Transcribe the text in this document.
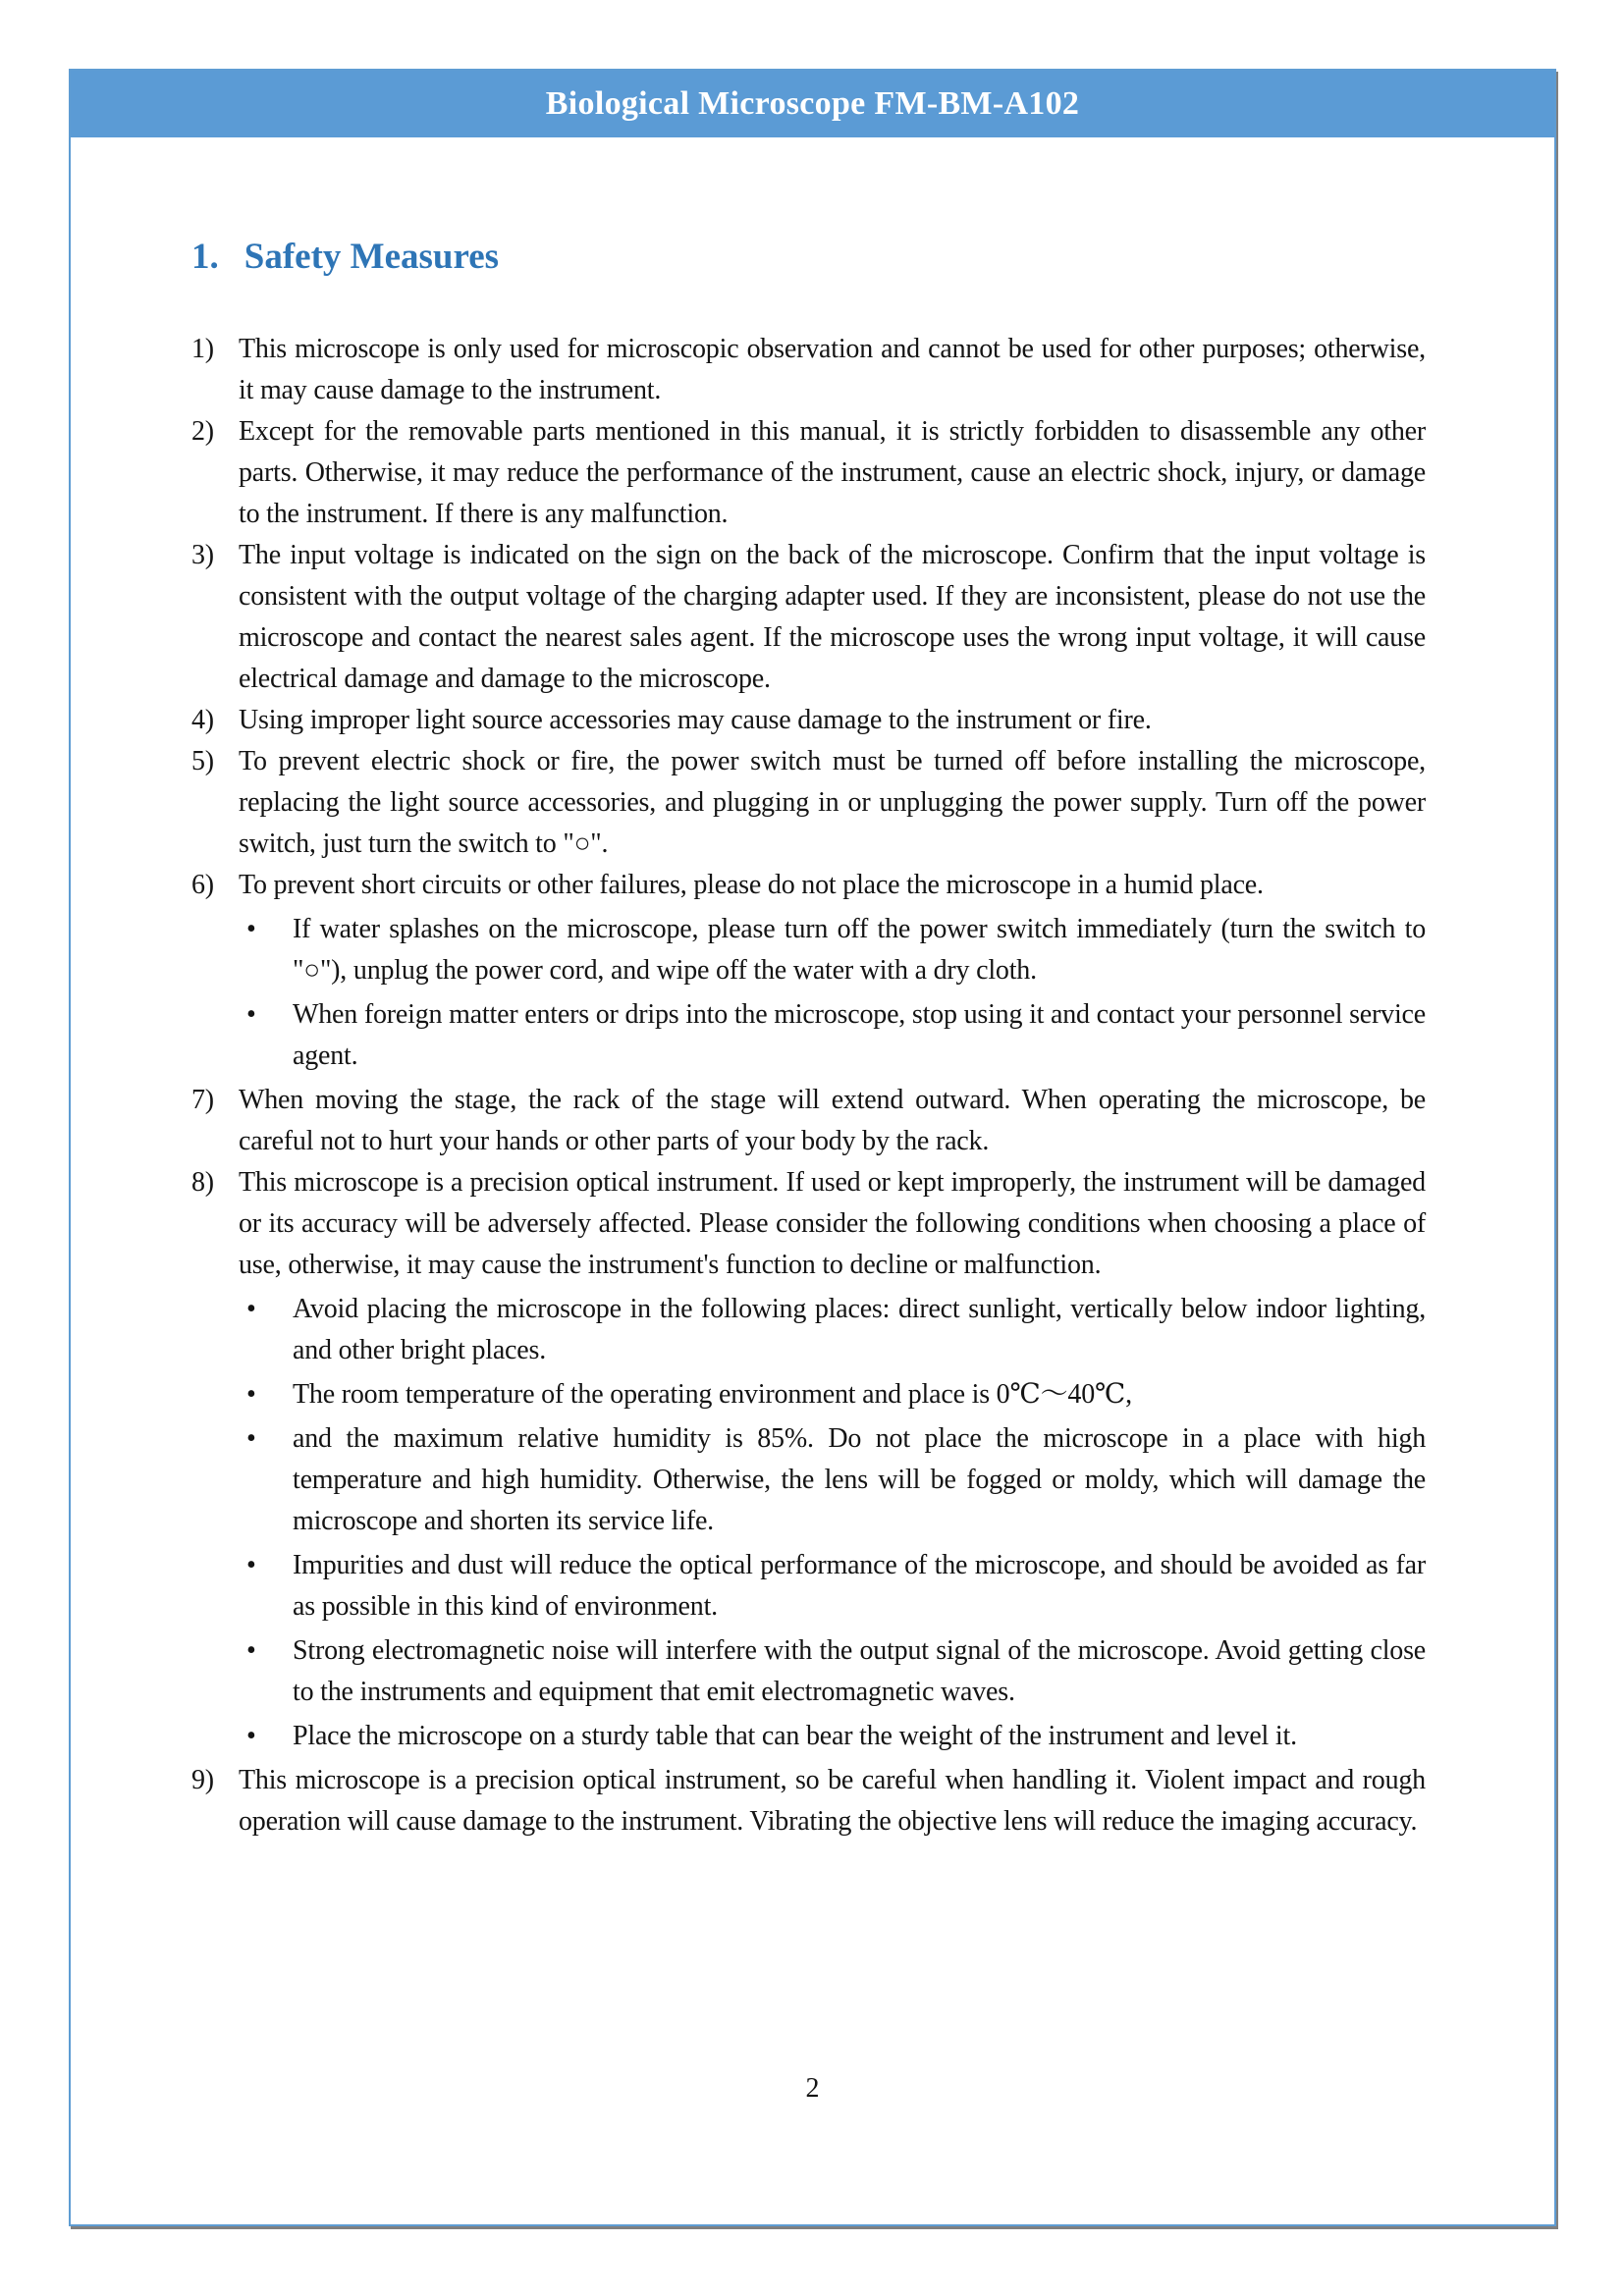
Biological Microscope FM-BM-A102
1. Safety Measures
1) This microscope is only used for microscopic observation and cannot be used for other purposes; otherwise, it may cause damage to the instrument.
2) Except for the removable parts mentioned in this manual, it is strictly forbidden to disassemble any other parts. Otherwise, it may reduce the performance of the instrument, cause an electric shock, injury, or damage to the instrument. If there is any malfunction.
3) The input voltage is indicated on the sign on the back of the microscope. Confirm that the input voltage is consistent with the output voltage of the charging adapter used. If they are inconsistent, please do not use the microscope and contact the nearest sales agent. If the microscope uses the wrong input voltage, it will cause electrical damage and damage to the microscope.
4) Using improper light source accessories may cause damage to the instrument or fire.
5) To prevent electric shock or fire, the power switch must be turned off before installing the microscope, replacing the light source accessories, and plugging in or unplugging the power supply. Turn off the power switch, just turn the switch to "○".
6) To prevent short circuits or other failures, please do not place the microscope in a humid place.
•	If water splashes on the microscope, please turn off the power switch immediately (turn the switch to "○"), unplug the power cord, and wipe off the water with a dry cloth.
•	When foreign matter enters or drips into the microscope, stop using it and contact your personnel service agent.
7) When moving the stage, the rack of the stage will extend outward. When operating the microscope, be careful not to hurt your hands or other parts of your body by the rack.
8) This microscope is a precision optical instrument. If used or kept improperly, the instrument will be damaged or its accuracy will be adversely affected. Please consider the following conditions when choosing a place of use, otherwise, it may cause the instrument's function to decline or malfunction.
•	Avoid placing the microscope in the following places: direct sunlight, vertically below indoor lighting, and other bright places.
•	The room temperature of the operating environment and place is 0℃～40℃,
•	and the maximum relative humidity is 85%. Do not place the microscope in a place with high temperature and high humidity. Otherwise, the lens will be fogged or moldy, which will damage the microscope and shorten its service life.
•	Impurities and dust will reduce the optical performance of the microscope, and should be avoided as far as possible in this kind of environment.
•	Strong electromagnetic noise will interfere with the output signal of the microscope. Avoid getting close to the instruments and equipment that emit electromagnetic waves.
•	Place the microscope on a sturdy table that can bear the weight of the instrument and level it.
9) This microscope is a precision optical instrument, so be careful when handling it. Violent impact and rough operation will cause damage to the instrument. Vibrating the objective lens will reduce the imaging accuracy.
2
